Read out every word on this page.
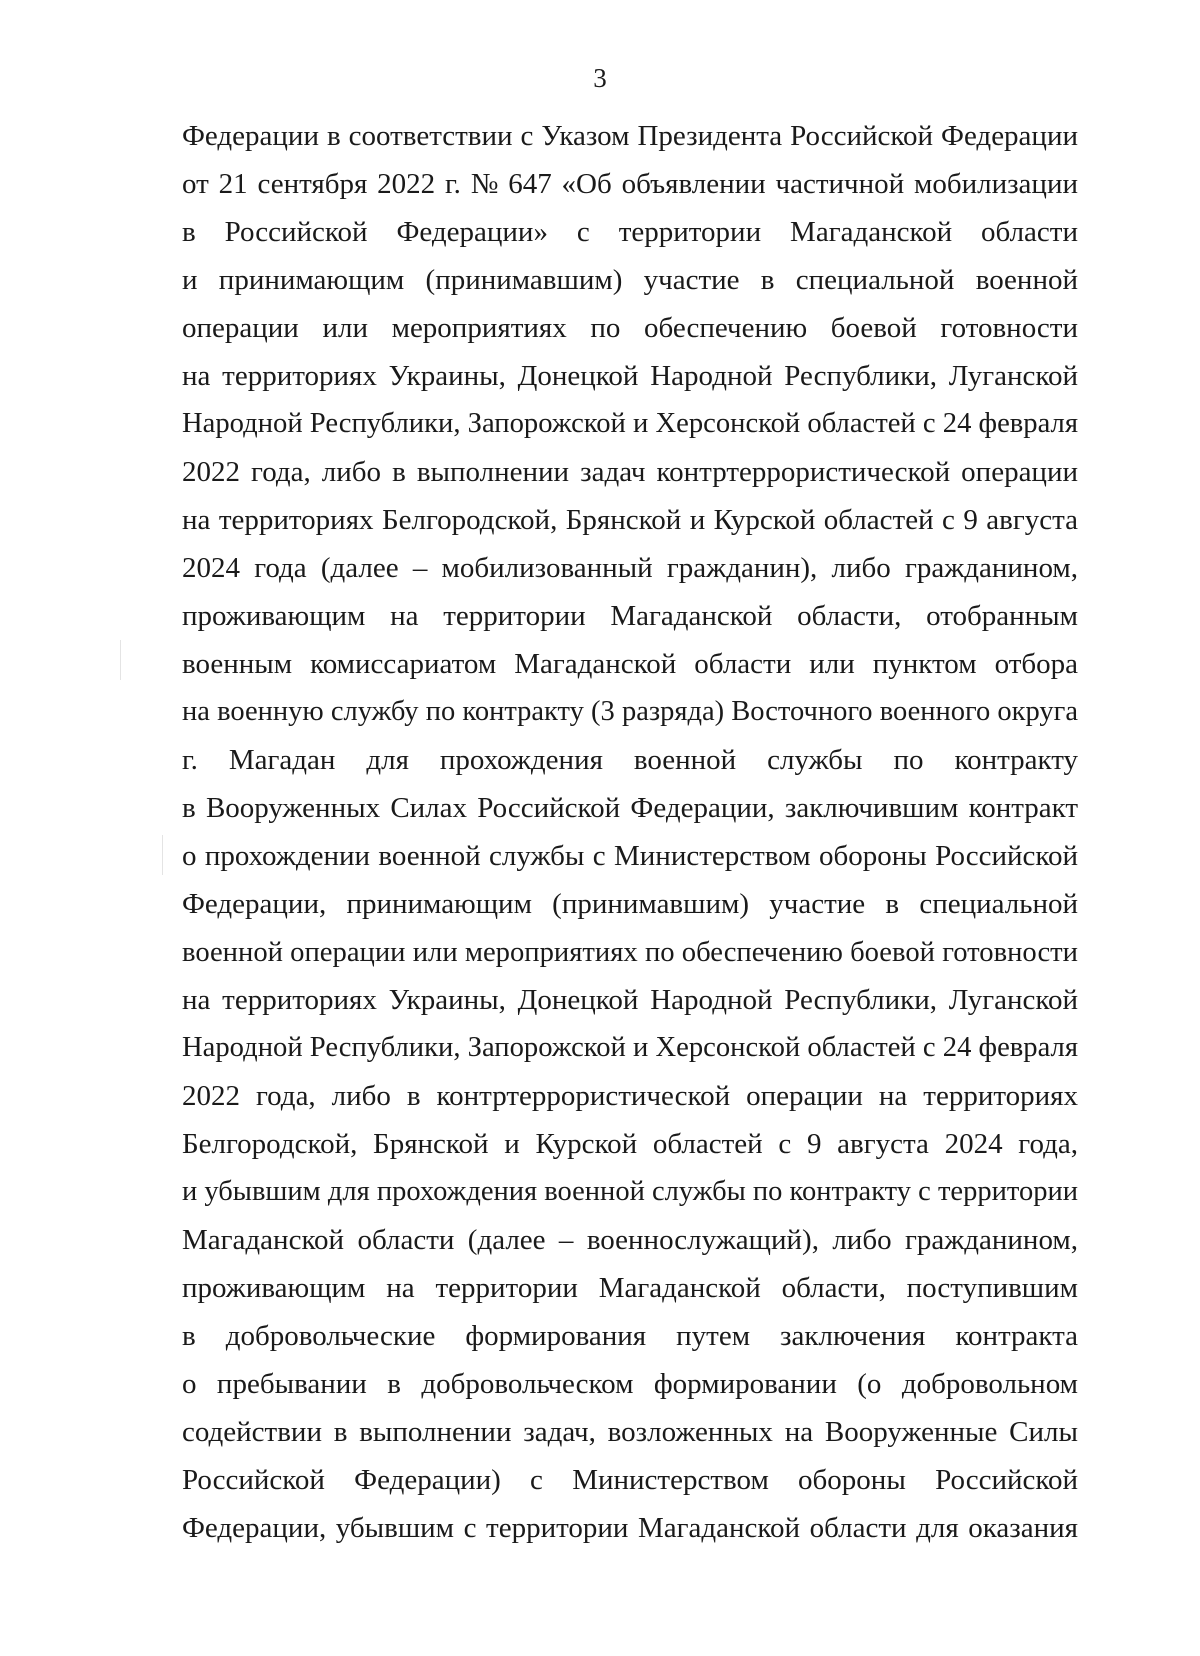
3
Федерации в соответствии с Указом Президента Российской Федерации
от 21 сентября 2022 г. № 647 «Об объявлении частичной мобилизации
в Российской Федерации» с территории Магаданской области
и принимающим (принимавшим) участие в специальной военной
операции или мероприятиях по обеспечению боевой готовности
на территориях Украины, Донецкой Народной Республики, Луганской
Народной Республики, Запорожской и Херсонской областей с 24 февраля
2022 года, либо в выполнении задач контртеррористической операции
на территориях Белгородской, Брянской и Курской областей с 9 августа
2024 года (далее – мобилизованный гражданин), либо гражданином,
проживающим на территории Магаданской области, отобранным
военным комиссариатом Магаданской области или пунктом отбора
на военную службу по контракту (3 разряда) Восточного военного округа
г. Магадан для прохождения военной службы по контракту
в Вооруженных Силах Российской Федерации, заключившим контракт
о прохождении военной службы с Министерством обороны Российской
Федерации, принимающим (принимавшим) участие в специальной
военной операции или мероприятиях по обеспечению боевой готовности
на территориях Украины, Донецкой Народной Республики, Луганской
Народной Республики, Запорожской и Херсонской областей с 24 февраля
2022 года, либо в контртеррористической операции на территориях
Белгородской, Брянской и Курской областей с 9 августа 2024 года,
и убывшим для прохождения военной службы по контракту с территории
Магаданской области (далее – военнослужащий), либо гражданином,
проживающим на территории Магаданской области, поступившим
в добровольческие формирования путем заключения контракта
о пребывании в добровольческом формировании (о добровольном
содействии в выполнении задач, возложенных на Вооруженные Силы
Российской Федерации) с Министерством обороны Российской
Федерации, убывшим с территории Магаданской области для оказания
